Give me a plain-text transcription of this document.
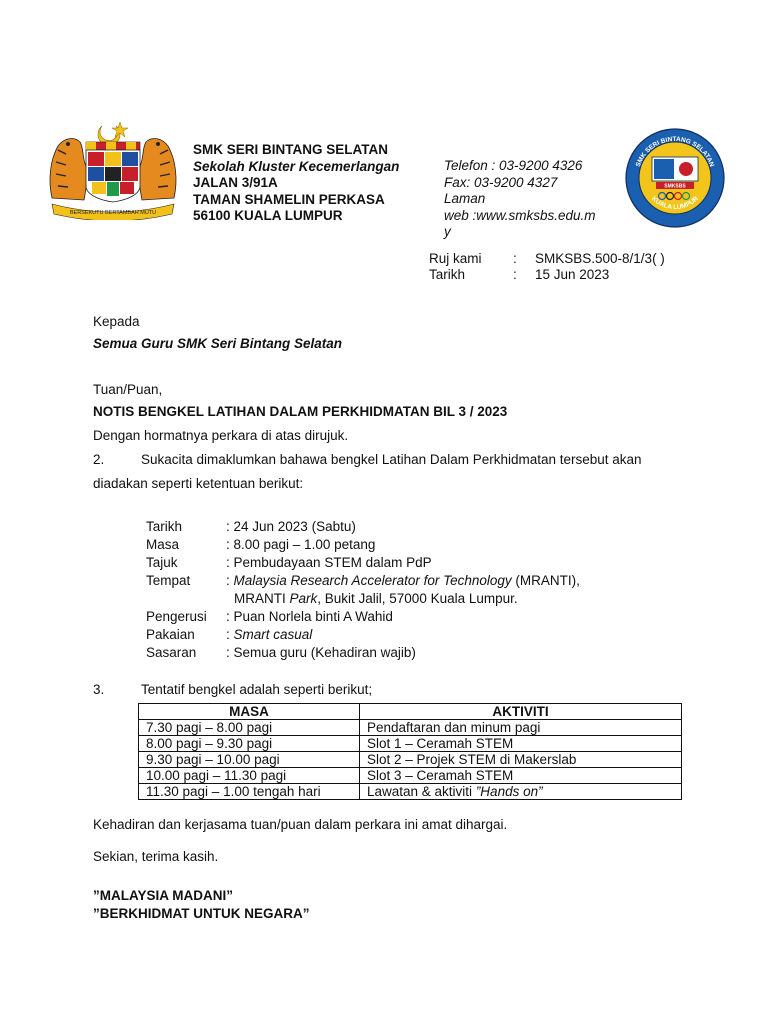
BERSEKUTU BERTAMBAH MUTU
SMK SERI BINTANG SELATAN
Sekolah Kluster Kecemerlangan
JALAN 3/91A
TAMAN SHAMELIN PERKASA
56100 KUALA LUMPUR
Telefon : 03-9200 4326
Fax: 03-9200 4327
Laman
web :www.smksbs.edu.m
y
SMK SERI BINTANG SELATAN
KUALA LUMPUR
SMKSBS
Ruj kami	:	SMKSBS.500-8/1/3( )
Tarikh	:	15 Jun 2023
Kepada
Semua Guru SMK Seri Bintang Selatan
Tuan/Puan,
NOTIS BENGKEL LATIHAN DALAM PERKHIDMATAN BIL 3 / 2023
Dengan hormatnya perkara di atas dirujuk.
2.	Sukacita dimaklumkan bahawa bengkel Latihan Dalam Perkhidmatan tersebut akan
diadakan seperti ketentuan berikut:
Tarikh	: 24 Jun 2023 (Sabtu)
Masa	: 8.00 pagi – 1.00 petang
Tajuk	: Pembudayaan STEM dalam PdP
Tempat	: Malaysia Research Accelerator for Technology (MRANTI),
MRANTI Park, Bukit Jalil, 57000 Kuala Lumpur.
Pengerusi	: Puan Norlela binti A Wahid
Pakaian	: Smart casual
Sasaran	: Semua guru (Kehadiran wajib)
3.	Tentatif bengkel adalah seperti berikut;
MASA	AKTIVITI
7.30 pagi – 8.00 pagi	Pendaftaran dan minum pagi
8.00 pagi – 9.30 pagi	Slot 1 – Ceramah STEM
9.30 pagi – 10.00 pagi	Slot 2 – Projek STEM di Makerslab
10.00 pagi – 11.30 pagi	Slot 3 – Ceramah STEM
11.30 pagi – 1.00 tengah hari	Lawatan & aktiviti ”Hands on”
Kehadiran dan kerjasama tuan/puan dalam perkara ini amat dihargai.
Sekian, terima kasih.
”MALAYSIA MADANI”
”BERKHIDMAT UNTUK NEGARA”
